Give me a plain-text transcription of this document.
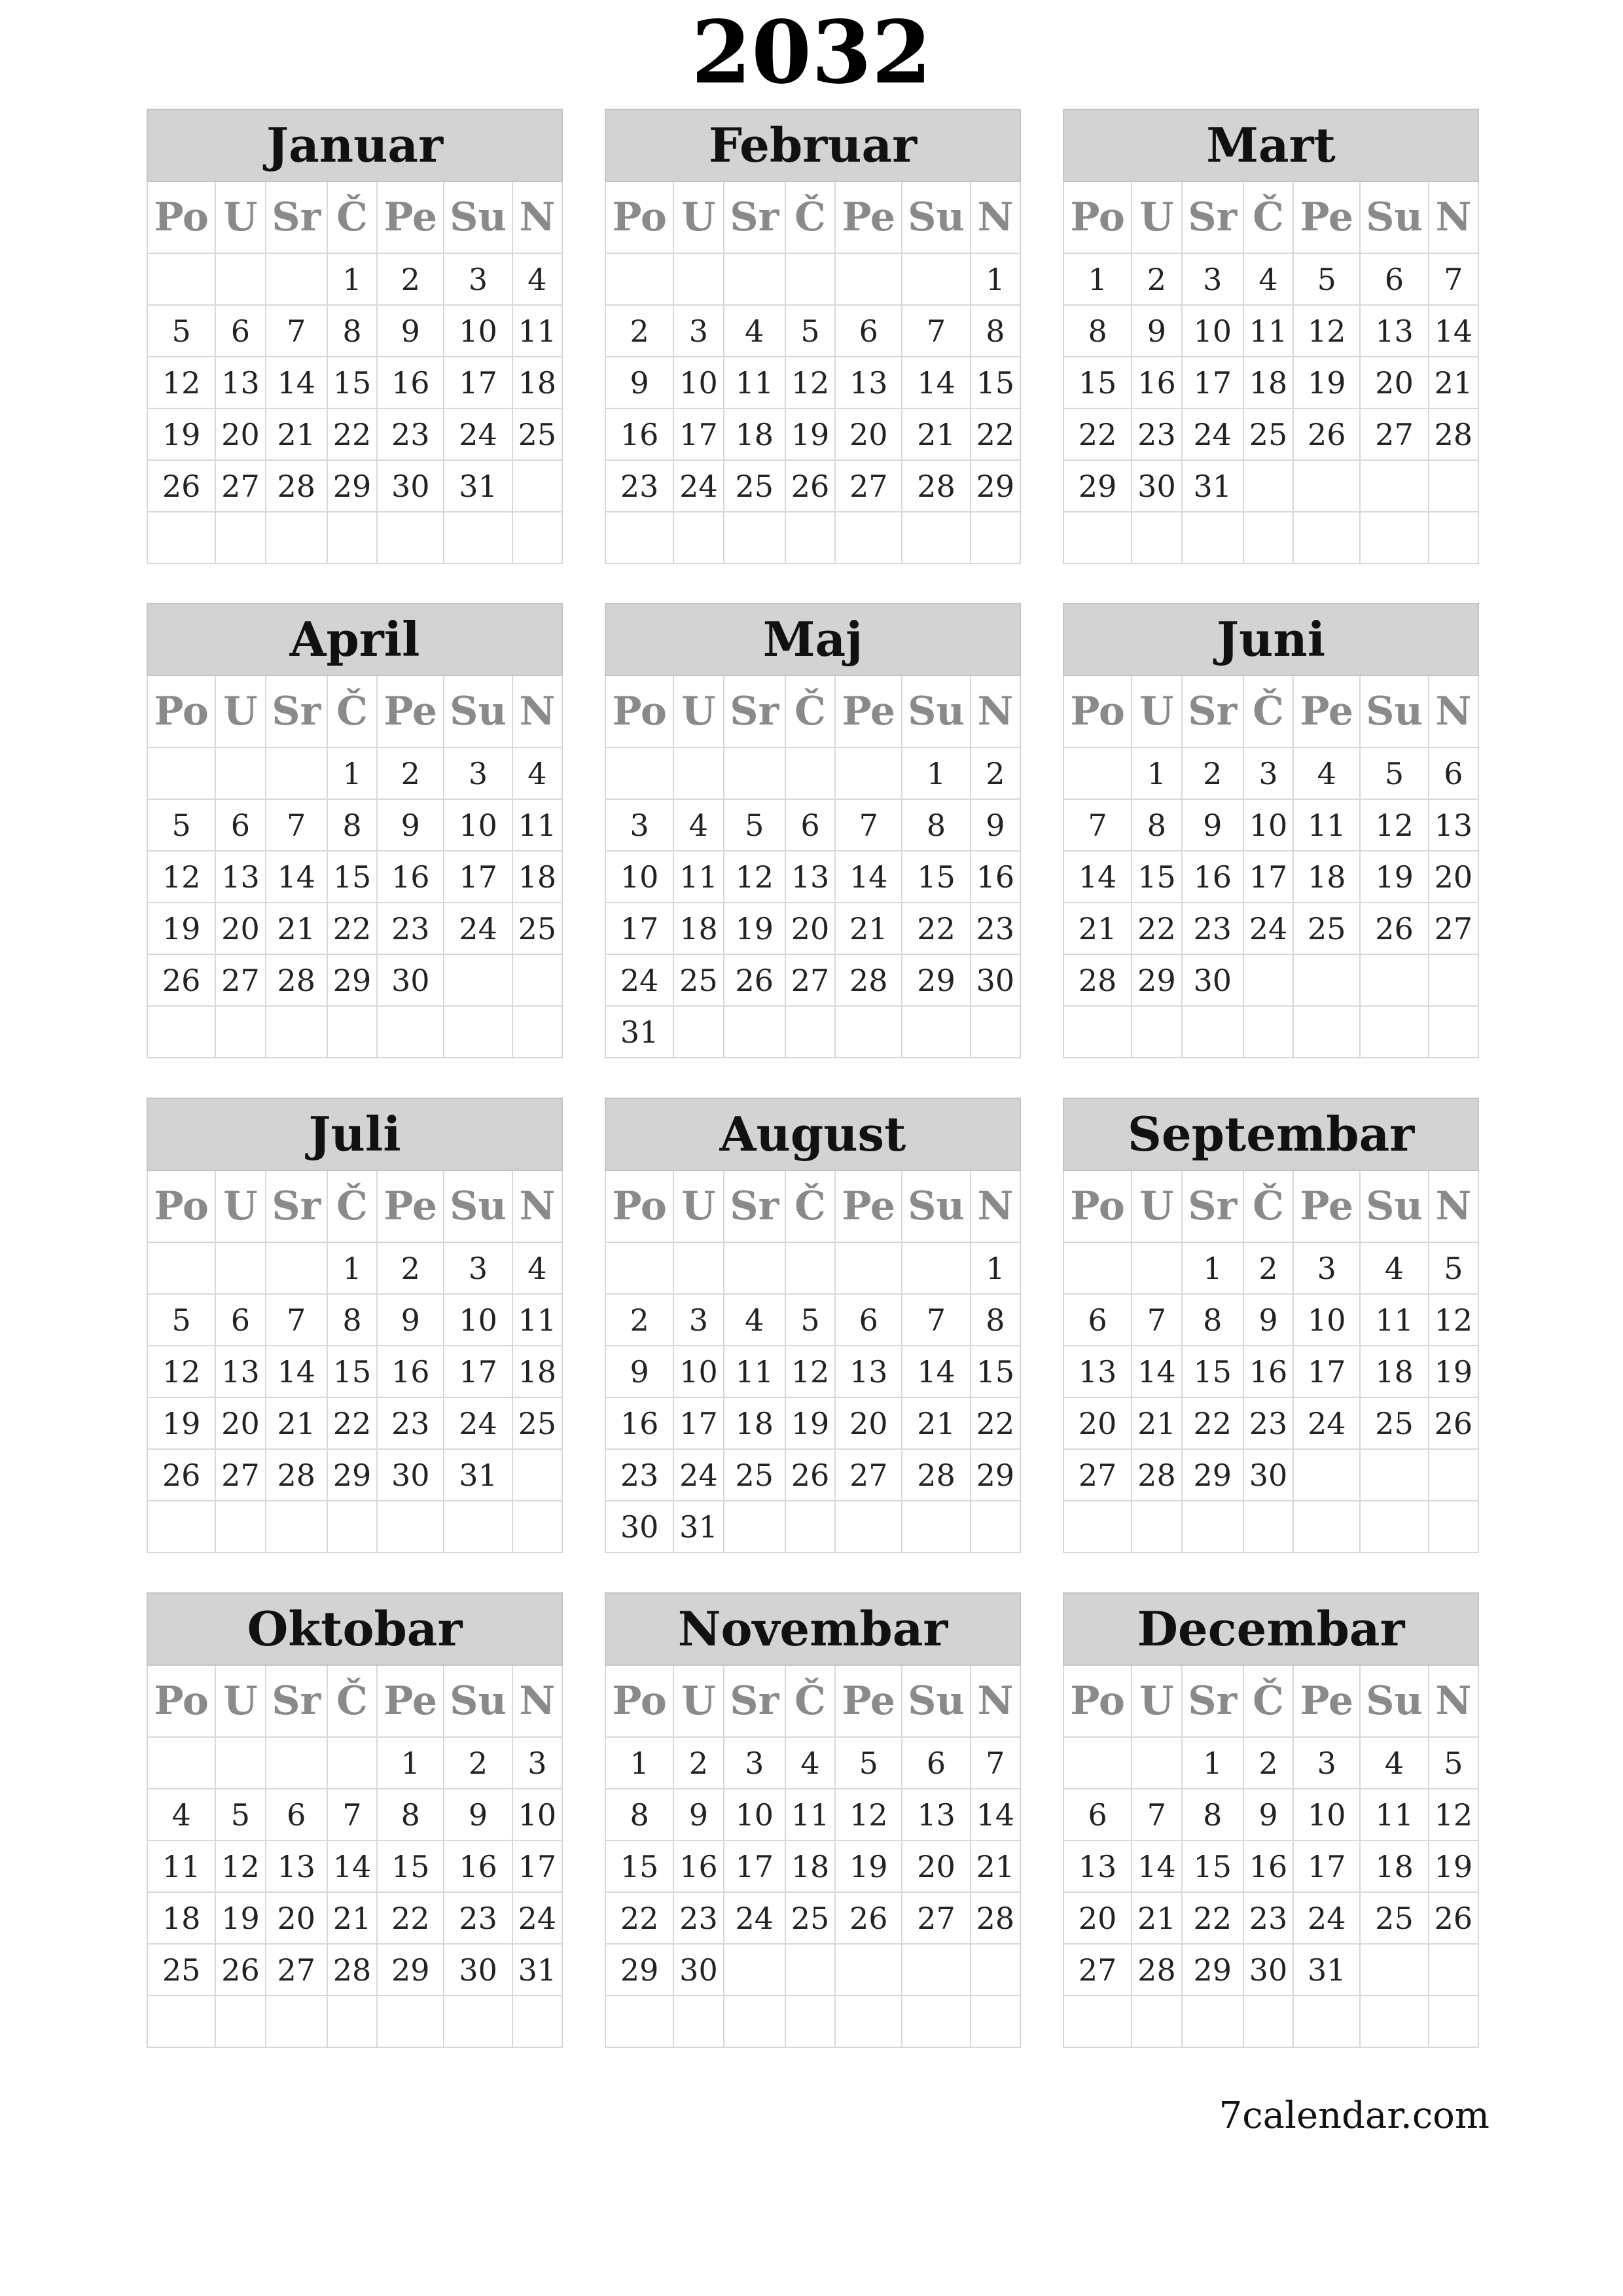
2032
Januar
Po	U	Sr	Č	Pe	Su	N
			1	2	3	4
5	6	7	8	9	10	11
12	13	14	15	16	17	18
19	20	21	22	23	24	25
26	27	28	29	30	31	

Februar
Po	U	Sr	Č	Pe	Su	N
						1
2	3	4	5	6	7	8
9	10	11	12	13	14	15
16	17	18	19	20	21	22
23	24	25	26	27	28	29

Mart
Po	U	Sr	Č	Pe	Su	N
1	2	3	4	5	6	7
8	9	10	11	12	13	14
15	16	17	18	19	20	21
22	23	24	25	26	27	28
29	30	31				

April
Po	U	Sr	Č	Pe	Su	N
			1	2	3	4
5	6	7	8	9	10	11
12	13	14	15	16	17	18
19	20	21	22	23	24	25
26	27	28	29	30		

Maj
Po	U	Sr	Č	Pe	Su	N
					1	2
3	4	5	6	7	8	9
10	11	12	13	14	15	16
17	18	19	20	21	22	23
24	25	26	27	28	29	30
31						
Juni
Po	U	Sr	Č	Pe	Su	N
	1	2	3	4	5	6
7	8	9	10	11	12	13
14	15	16	17	18	19	20
21	22	23	24	25	26	27
28	29	30				

Juli
Po	U	Sr	Č	Pe	Su	N
			1	2	3	4
5	6	7	8	9	10	11
12	13	14	15	16	17	18
19	20	21	22	23	24	25
26	27	28	29	30	31	

August
Po	U	Sr	Č	Pe	Su	N
						1
2	3	4	5	6	7	8
9	10	11	12	13	14	15
16	17	18	19	20	21	22
23	24	25	26	27	28	29
30	31					
Septembar
Po	U	Sr	Č	Pe	Su	N
		1	2	3	4	5
6	7	8	9	10	11	12
13	14	15	16	17	18	19
20	21	22	23	24	25	26
27	28	29	30			

Oktobar
Po	U	Sr	Č	Pe	Su	N
				1	2	3
4	5	6	7	8	9	10
11	12	13	14	15	16	17
18	19	20	21	22	23	24
25	26	27	28	29	30	31

Novembar
Po	U	Sr	Č	Pe	Su	N
1	2	3	4	5	6	7
8	9	10	11	12	13	14
15	16	17	18	19	20	21
22	23	24	25	26	27	28
29	30					

Decembar
Po	U	Sr	Č	Pe	Su	N
		1	2	3	4	5
6	7	8	9	10	11	12
13	14	15	16	17	18	19
20	21	22	23	24	25	26
27	28	29	30	31		

7calendar.com
